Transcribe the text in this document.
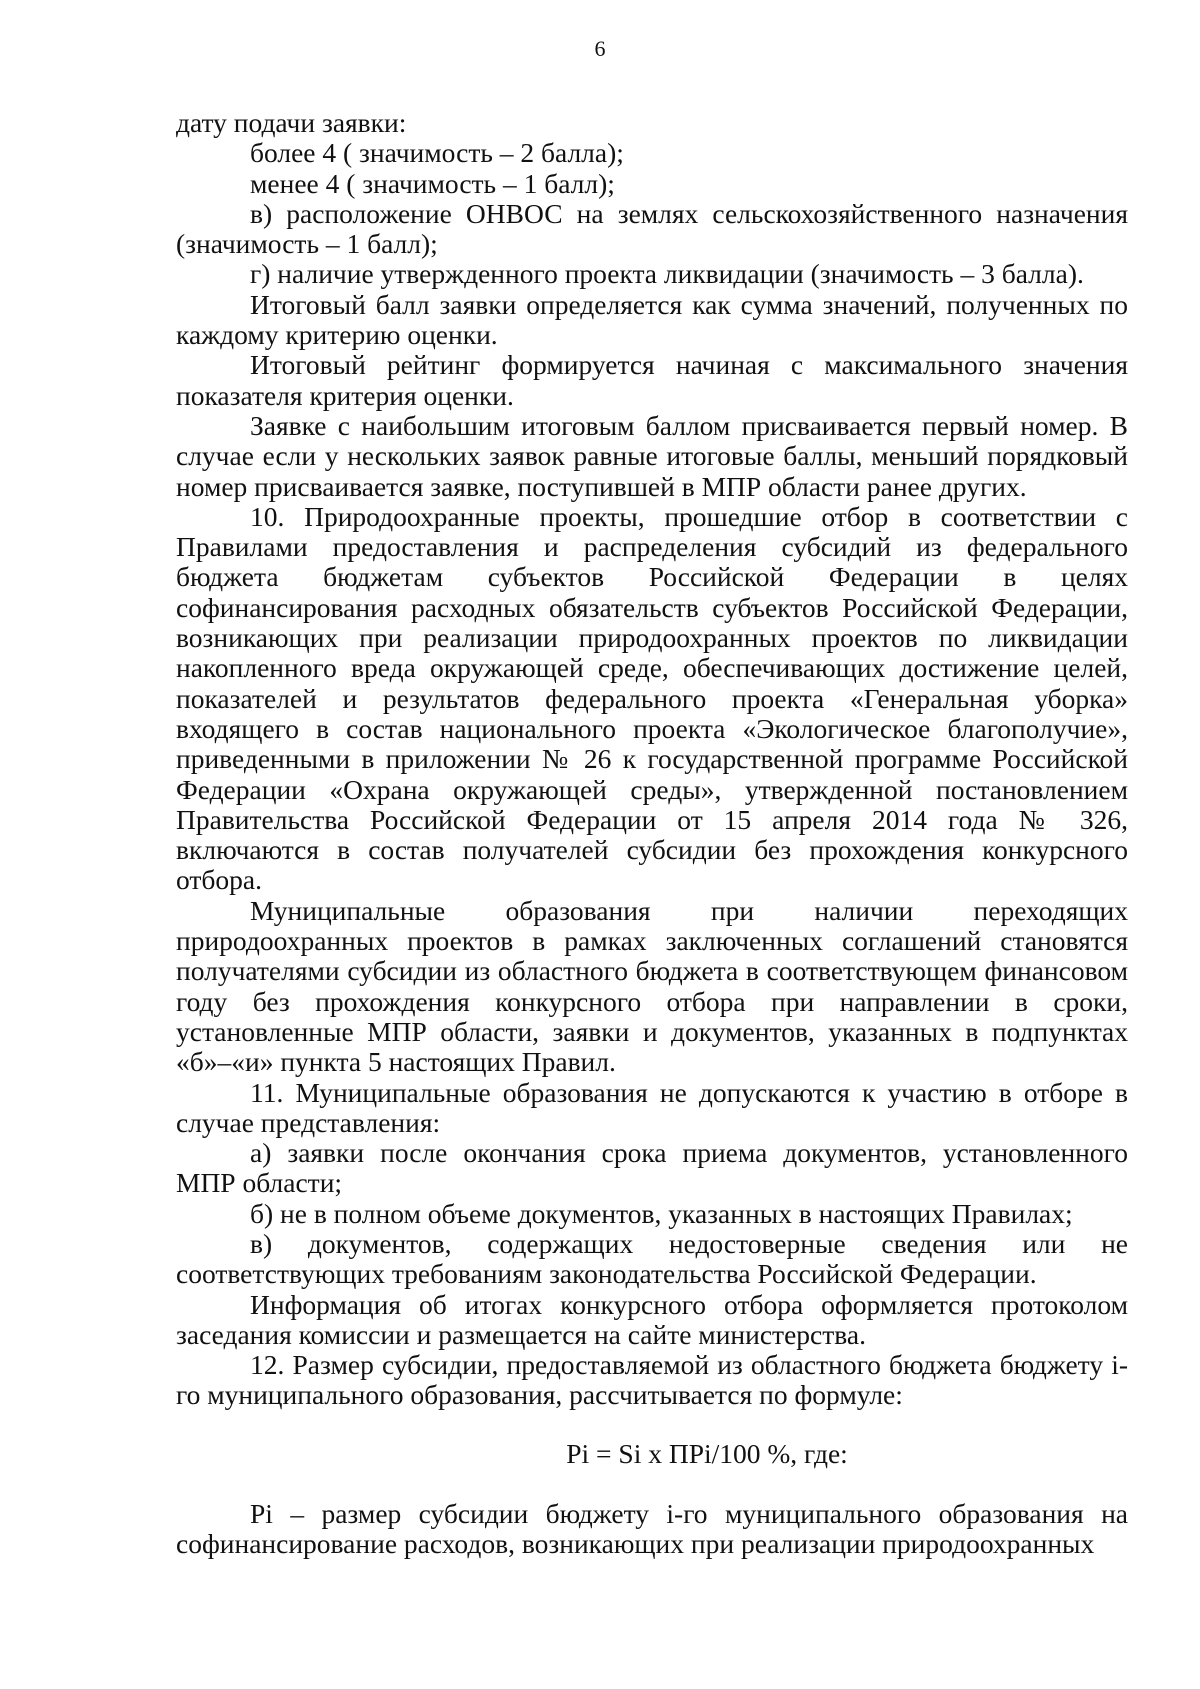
6

дату подачи заявки:

более 4 ( значимость – 2 балла);

менее 4 ( значимость – 1 балл);

в) расположение ОНВОС на землях сельскохозяйственного назначения (значимость – 1 балл);

г) наличие утвержденного проекта ликвидации (значимость – 3 балла).

Итоговый балл заявки определяется как сумма значений, полученных по каждому критерию оценки.

Итоговый рейтинг формируется начиная с максимального значения показателя критерия оценки.

Заявке с наибольшим итоговым баллом присваивается первый номер. В случае если у нескольких заявок равные итоговые баллы, меньший порядковый номер присваивается заявке, поступившей в МПР области ранее других.

10. Природоохранные проекты, прошедшие отбор в соответствии с Правилами предоставления и распределения субсидий из федерального бюджета бюджетам субъектов Российской Федерации в целях софинансирования расходных обязательств субъектов Российской Федерации, возникающих при реализации природоохранных проектов по ликвидации накопленного вреда окружающей среде, обеспечивающих достижение целей, показателей и результатов федерального проекта «Генеральная уборка» входящего в состав национального проекта «Экологическое благополучие», приведенными в приложении № 26 к государственной программе Российской Федерации «Охрана окружающей среды», утвержденной постановлением Правительства Российской Федерации от 15 апреля 2014 года № 326, включаются в состав получателей субсидии без прохождения конкурсного отбора.

Муниципальные образования при наличии переходящих природоохранных проектов в рамках заключенных соглашений становятся получателями субсидии из областного бюджета в соответствующем финансовом году без прохождения конкурсного отбора при направлении в сроки, установленные МПР области, заявки и документов, указанных в подпунктах «б»–«и» пункта 5 настоящих Правил.

11. Муниципальные образования не допускаются к участию в отборе в случае представления:

а) заявки после окончания срока приема документов, установленного МПР области;

б) не в полном объеме документов, указанных в настоящих Правилах;

в) документов, содержащих недостоверные сведения или не соответствующих требованиям законодательства Российской Федерации.

Информация об итогах конкурсного отбора оформляется протоколом заседания комиссии и размещается на сайте министерства.

12. Размер субсидии, предоставляемой из областного бюджета бюджету i-го муниципального образования, рассчитывается по формуле:

Pi = Si x ПPi/100 %, где:

Pi – размер субсидии бюджету i-го муниципального образования на софинансирование расходов, возникающих при реализации природоохранных
